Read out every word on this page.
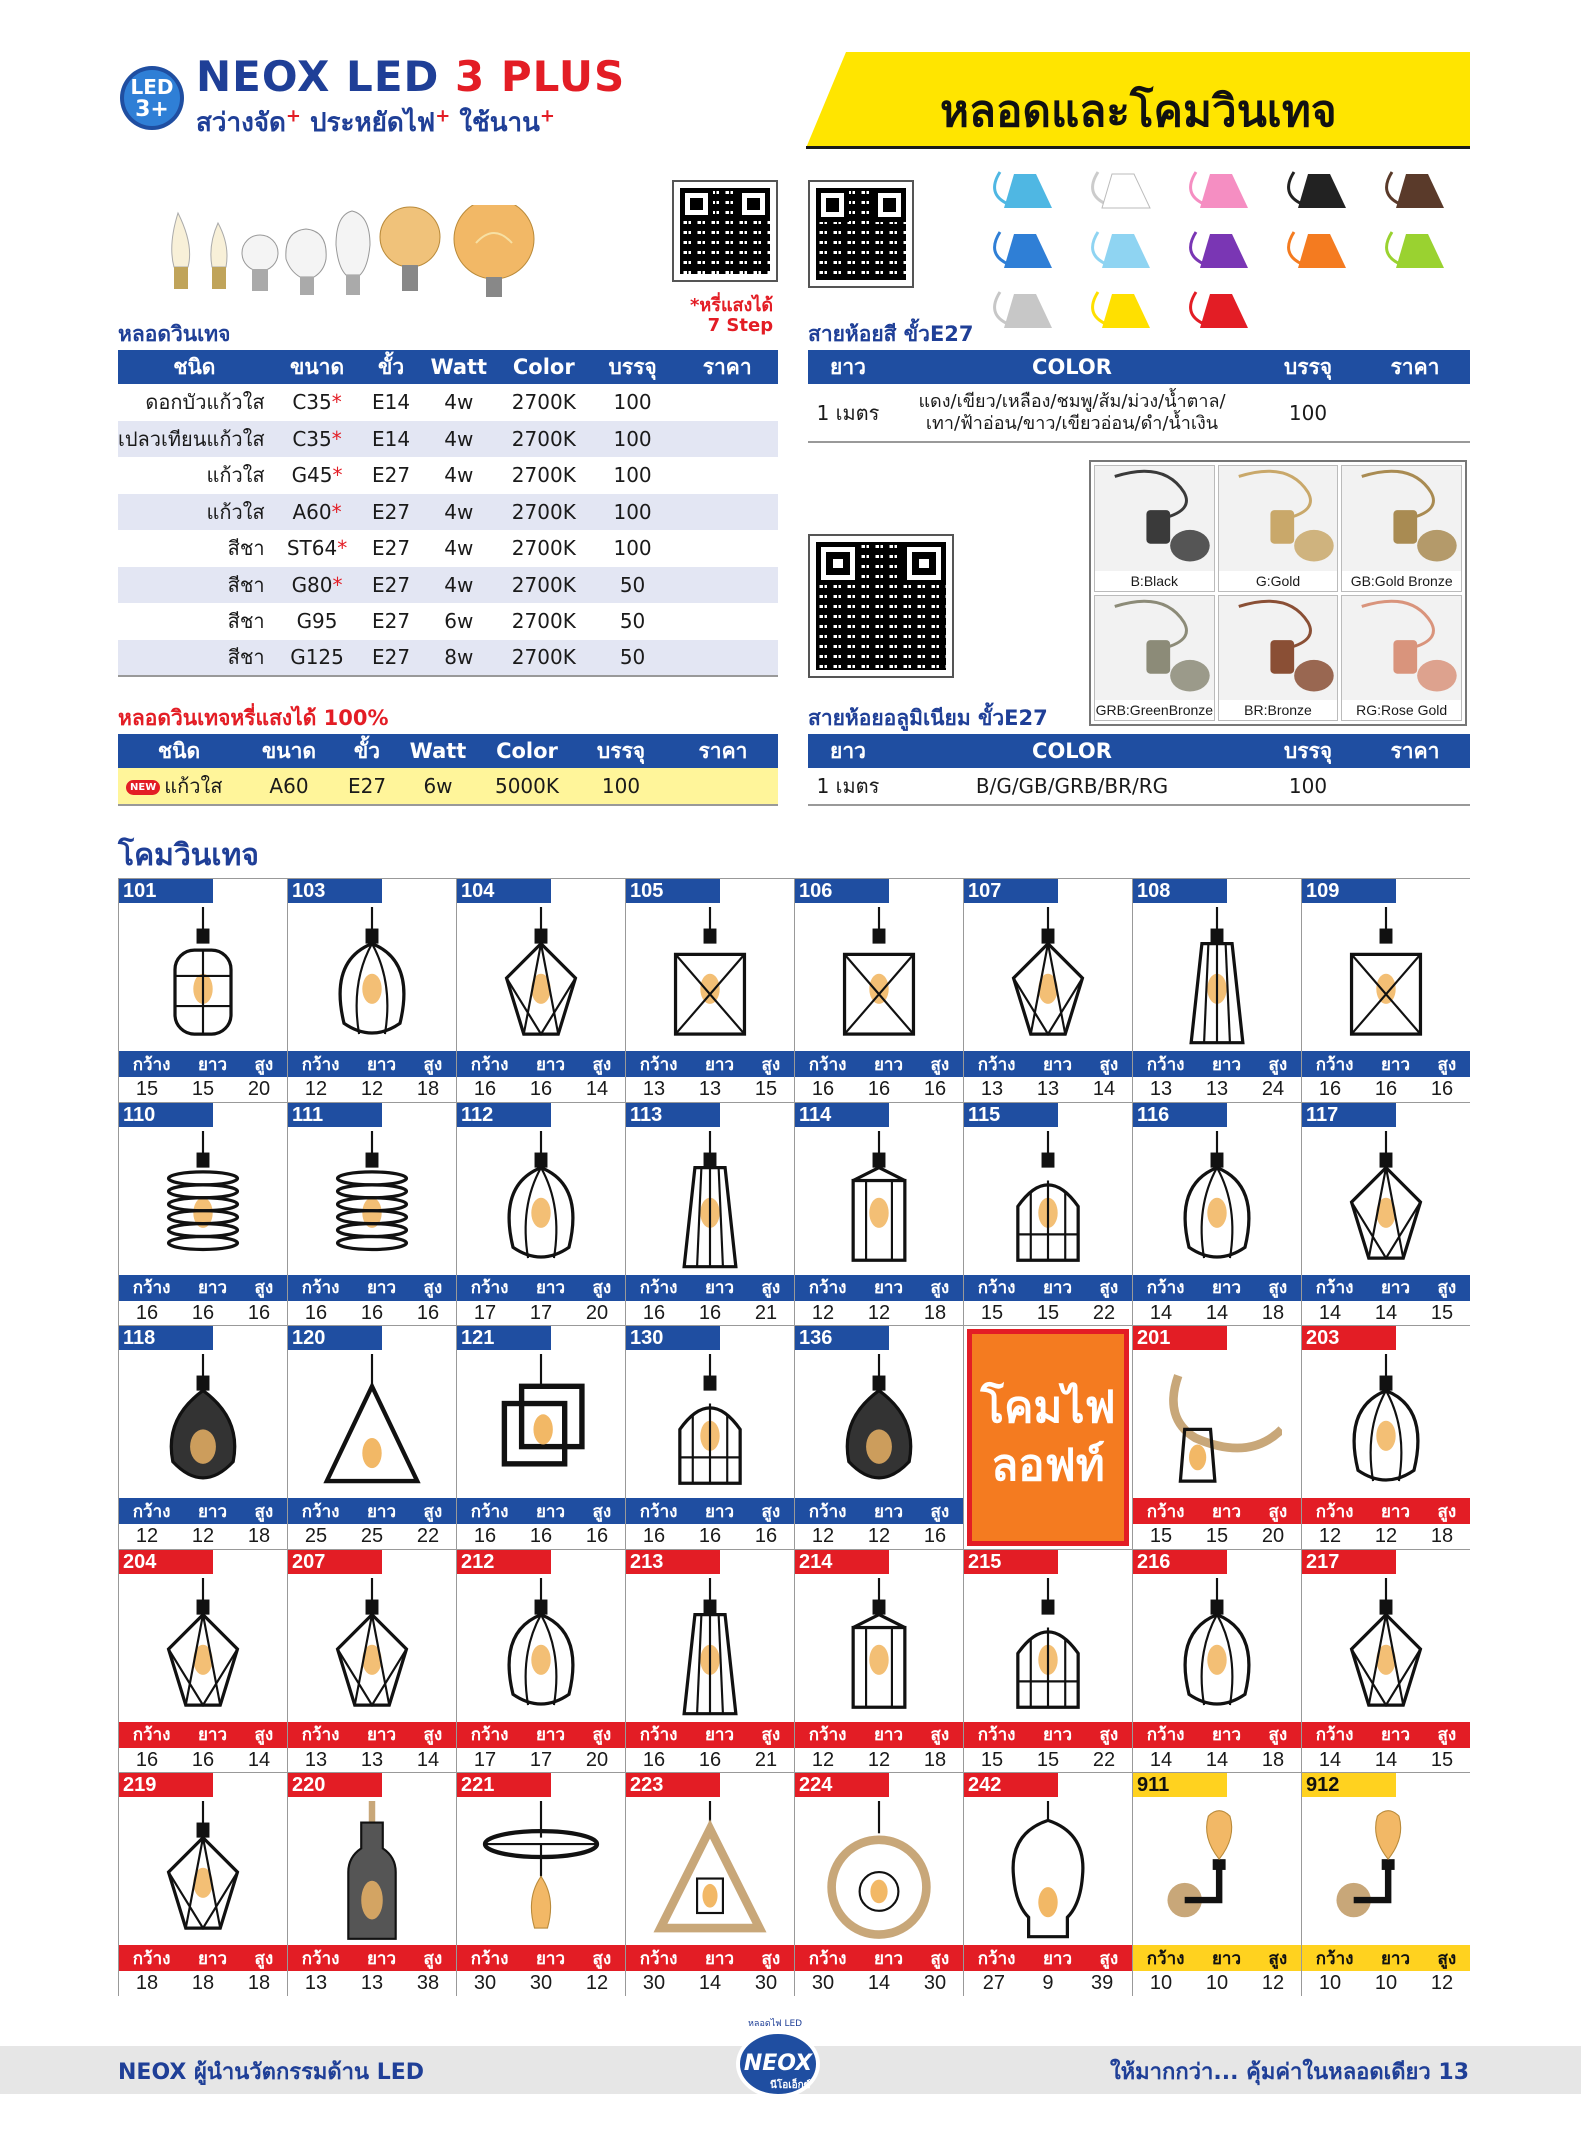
LED
3+
NEOX LED 3 PLUS
สว่างจัด+ ประหยัดไฟ+ ใช้นาน+	หลอดและโคมวินเทจ
*หรี่แสงได้
7 Step
หลอดวินเทจ
ชนิด	ขนาด	ขั้ว	Watt	Color	บรรจุ	ราคา
ดอกบัวแก้วใส	C35*	E14	4w	2700K	100	
เปลวเทียนแก้วใส	C35*	E14	4w	2700K	100	
แก้วใส	G45*	E27	4w	2700K	100	
แก้วใส	A60*	E27	4w	2700K	100	
สีชา	ST64*	E27	4w	2700K	100	
สีชา	G80*	E27	4w	2700K	50	
สีชา	G95	E27	6w	2700K	50	
สีชา	G125	E27	8w	2700K	50	
หลอดวินเทจหรี่แสงได้ 100%
ชนิด	ขนาด	ขั้ว	Watt	Color	บรรจุ	ราคา
NEW แก้วใส	A60	E27	6w	5000K	100	
สายห้อยสี ขั้วE27
ยาว	COLOR	บรรจุ	ราคา
1 เมตร	แดง/เขียว/เหลือง/ชมพู/ส้ม/ม่วง/น้ำตาล/
เทา/ฟ้าอ่อน/ขาว/เขียวอ่อน/ดำ/น้ำเงิน	100	
B:Black	G:Gold	GB:Gold Bronze
GRB:GreenBronze	BR:Bronze	RG:Rose Gold
สายห้อยอลูมิเนียม ขั้วE27
ยาว	COLOR	บรรจุ	ราคา
1 เมตร	B/G/GB/GRB/BR/RG	100	
โคมวินเทจ
101
กว้าง ยาว สูง
15 15 20
103
กว้าง ยาว สูง
12 12 18
104
กว้าง ยาว สูง
16 16 14
105
กว้าง ยาว สูง
13 13 15
106
กว้าง ยาว สูง
16 16 16
107
กว้าง ยาว สูง
13 13 14
108
กว้าง ยาว สูง
13 13 24
109
กว้าง ยาว สูง
16 16 16
110
กว้าง ยาว สูง
16 16 16
111
กว้าง ยาว สูง
16 16 16
112
กว้าง ยาว สูง
17 17 20
113
กว้าง ยาว สูง
16 16 21
114
กว้าง ยาว สูง
12 12 18
115
กว้าง ยาว สูง
15 15 22
116
กว้าง ยาว สูง
14 14 18
117
กว้าง ยาว สูง
14 14 15
118
กว้าง ยาว สูง
12 12 18
120
กว้าง ยาว สูง
25 25 22
121
กว้าง ยาว สูง
16 16 16
130
กว้าง ยาว สูง
16 16 16
136
กว้าง ยาว สูง
12 12 16
โคมไฟ
ลอฟท์
201
กว้าง ยาว สูง
15 15 20
203
กว้าง ยาว สูง
12 12 18
204
กว้าง ยาว สูง
16 16 14
207
กว้าง ยาว สูง
13 13 14
212
กว้าง ยาว สูง
17 17 20
213
กว้าง ยาว สูง
16 16 21
214
กว้าง ยาว สูง
12 12 18
215
กว้าง ยาว สูง
15 15 22
216
กว้าง ยาว สูง
14 14 18
217
กว้าง ยาว สูง
14 14 15
219
กว้าง ยาว สูง
18 18 18
220
กว้าง ยาว สูง
13 13 38
221
กว้าง ยาว สูง
30 30 12
223
กว้าง ยาว สูง
30 14 30
224
กว้าง ยาว สูง
30 14 30
242
กว้าง ยาว สูง
27 9 39
911
กว้าง ยาว สูง
10 10 12
912
กว้าง ยาว สูง
10 10 12
NEOX ผู้นำนวัตกรรมด้าน LED	ให้มากกว่า... คุ้มค่าในหลอดเดียว 13
NEOX
หลอดไฟ LED
นีโอเอ็กซ์
